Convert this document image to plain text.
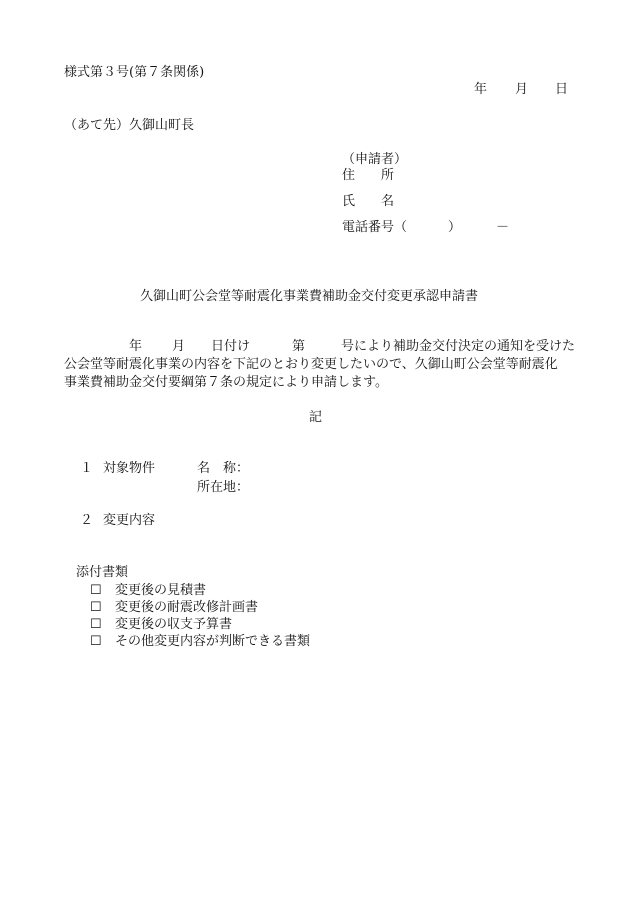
様式第３号(第７条関係)
年 月 日
（あて先）久御山町長
（申請者）
住　　所
氏　　名
電話番号（	）	－
久御山町公会堂等耐震化事業費補助金交付変更承認申請書
年 月 日付け	第	号により補助金交付決定の通知を受けた
公会堂等耐震化事業の内容を下記のとおり変更したいので、久御山町公会堂等耐震化
事業費補助金交付要綱第７条の規定により申請します。
記
１ 対象物件	名　称：
所在地：
２ 変更内容
添付書類
☐ 変更後の見積書
☐ 変更後の耐震改修計画書
☐ 変更後の収支予算書
☐ その他変更内容が判断できる書類
